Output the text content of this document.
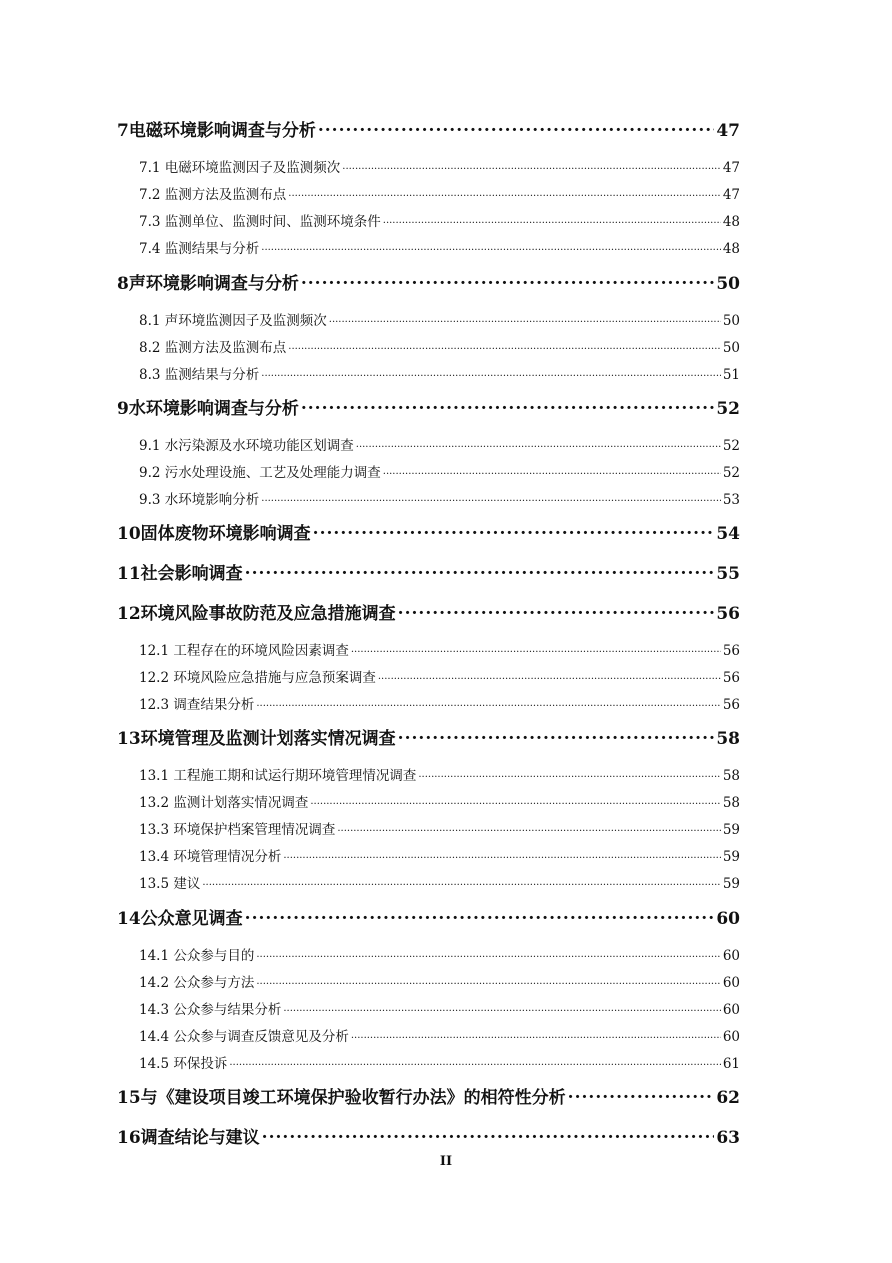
7电磁环境影响调查与分析 .....	47
7.1 电磁环境监测因子及监测频次 .....	47
7.2 监测方法及监测布点 .....	47
7.3 监测单位、监测时间、监测环境条件 .....	48
7.4 监测结果与分析 .....	48
8声环境影响调查与分析 .....	50
8.1 声环境监测因子及监测频次 .....	50
8.2 监测方法及监测布点 .....	50
8.3 监测结果与分析 .....	51
9水环境影响调查与分析 .....	52
9.1 水污染源及水环境功能区划调查 .....	52
9.2 污水处理设施、工艺及处理能力调查 .....	52
9.3 水环境影响分析 .....	53
10固体废物环境影响调查 .....	54
11社会影响调查 .....	55
12环境风险事故防范及应急措施调查 .....	56
12.1 工程存在的环境风险因素调查 .....	56
12.2 环境风险应急措施与应急预案调查 .....	56
12.3 调查结果分析 .....	56
13环境管理及监测计划落实情况调查 .....	58
13.1 工程施工期和试运行期环境管理情况调查 .....	58
13.2 监测计划落实情况调查 .....	58
13.3 环境保护档案管理情况调查 .....	59
13.4 环境管理情况分析 .....	59
13.5 建议 .....	59
14公众意见调查 .....	60
14.1 公众参与目的 .....	60
14.2 公众参与方法 .....	60
14.3 公众参与结果分析 .....	60
14.4 公众参与调查反馈意见及分析 .....	60
14.5 环保投诉 .....	61
15与《建设项目竣工环境保护验收暂行办法》的相符性分析 .....	62
16调查结论与建议 .....	63
II
